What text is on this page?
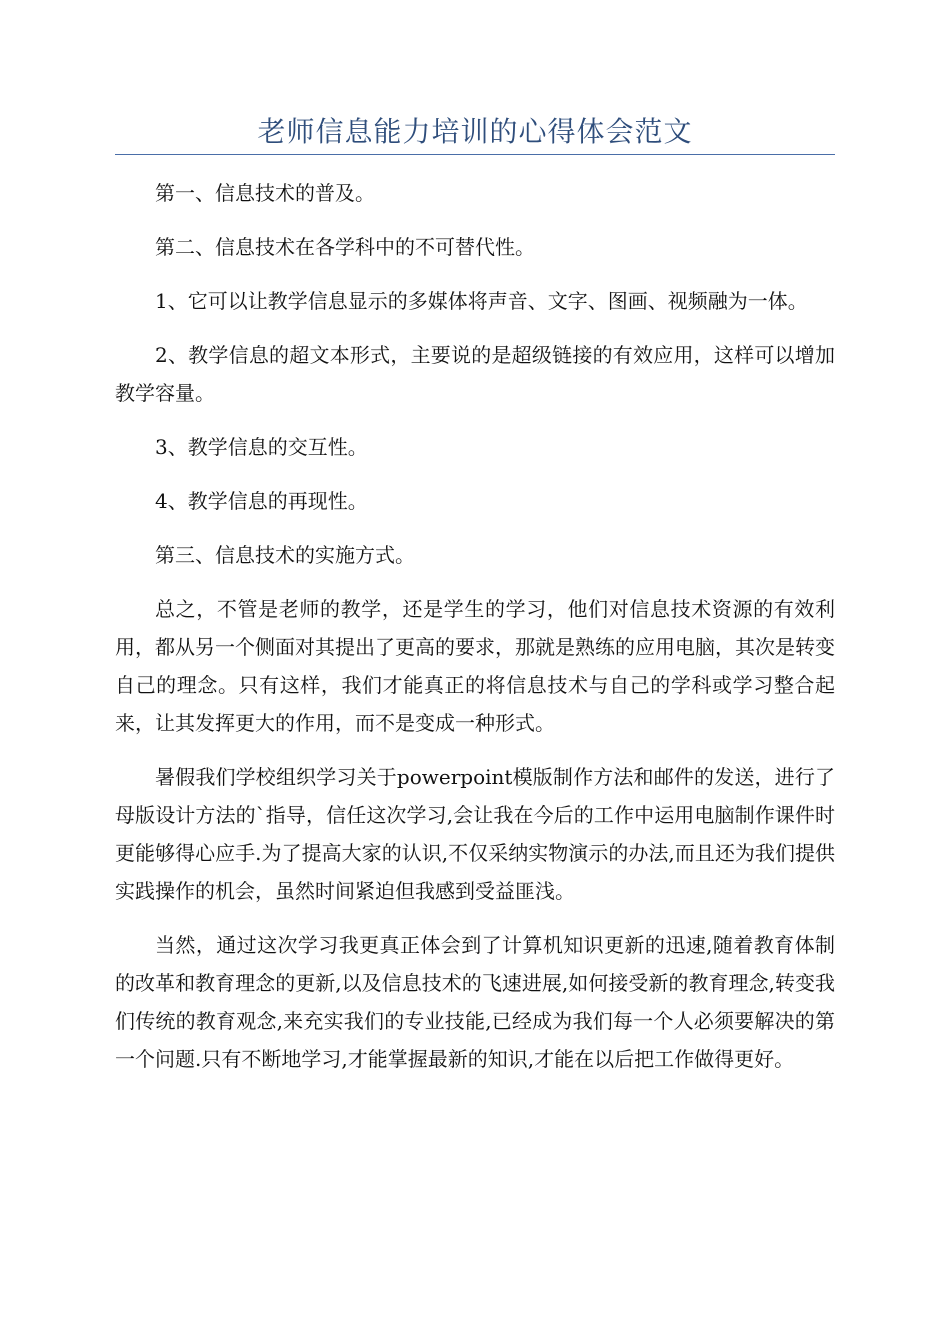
老师信息能力培训的心得体会范文

第一、信息技术的普及。

第二、信息技术在各学科中的不可替代性。

1、它可以让教学信息显示的多媒体将声音、文字、图画、视频融为一体。

2、教学信息的超文本形式，主要说的是超级链接的有效应用，这样可以增加教学容量。

3、教学信息的交互性。

4、教学信息的再现性。

第三、信息技术的实施方式。

总之，不管是老师的教学，还是学生的学习，他们对信息技术资源的有效利用，都从另一个侧面对其提出了更高的要求，那就是熟练的应用电脑，其次是转变自己的理念。只有这样，我们才能真正的将信息技术与自己的学科或学习整合起来，让其发挥更大的作用，而不是变成一种形式。

暑假我们学校组织学习关于powerpoint模版制作方法和邮件的发送，进行了母版设计方法的`指导，信任这次学习,会让我在今后的工作中运用电脑制作课件时更能够得心应手.为了提高大家的认识,不仅采纳实物演示的办法,而且还为我们提供实践操作的机会，虽然时间紧迫但我感到受益匪浅。

当然，通过这次学习我更真正体会到了计算机知识更新的迅速,随着教育体制的改革和教育理念的更新,以及信息技术的飞速进展,如何接受新的教育理念,转变我们传统的教育观念,来充实我们的专业技能,已经成为我们每一个人必须要解决的第一个问题.只有不断地学习,才能掌握最新的知识,才能在以后把工作做得更好。
